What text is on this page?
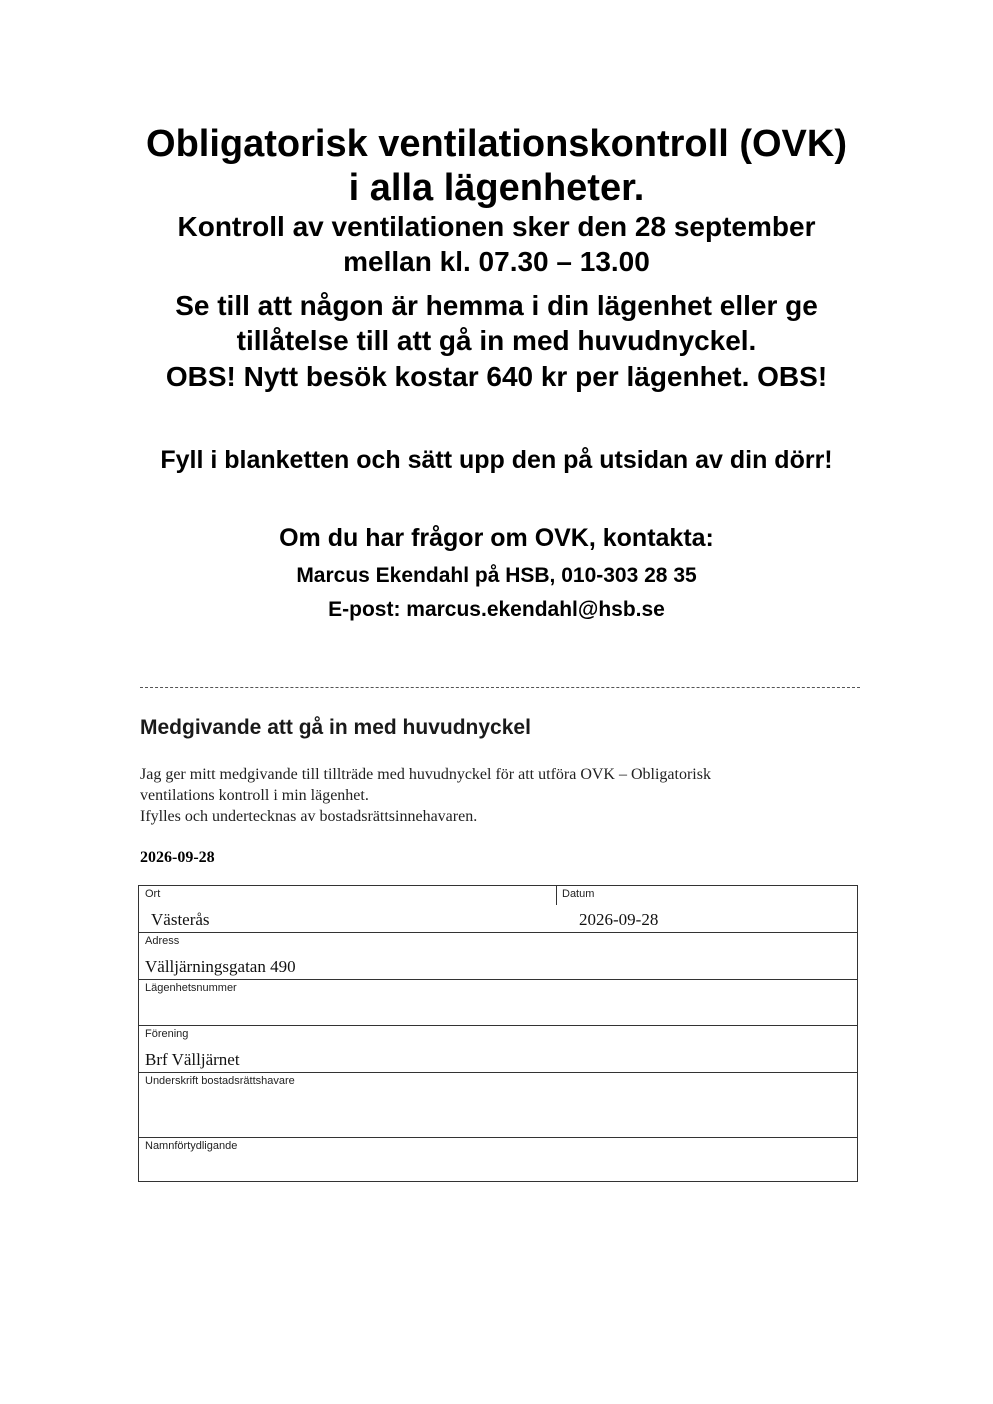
Obligatorisk ventilationskontroll (OVK)
i alla lägenheter.
Kontroll av ventilationen sker den 28 september
mellan kl. 07.30 – 13.00
Se till att någon är hemma i din lägenhet eller ge
tillåtelse till att gå in med huvudnyckel.
OBS! Nytt besök kostar 640 kr per lägenhet. OBS!
Fyll i blanketten och sätt upp den på utsidan av din dörr!
Om du har frågor om OVK, kontakta:
Marcus Ekendahl på HSB, 010-303 28 35
E-post: marcus.ekendahl@hsb.se
Medgivande att gå in med huvudnyckel
Jag ger mitt medgivande till tillträde med huvudnyckel för att utföra OVK – Obligatorisk
ventilations kontroll i min lägenhet.
Ifylles och undertecknas av bostadsrättsinnehavaren.
2026-09-28
Ort
Västerås
Datum
2026-09-28
Adress
Välljärningsgatan 490
Lägenhetsnummer
Förening
Brf Välljärnet
Underskrift bostadsrättshavare
Namnförtydligande
